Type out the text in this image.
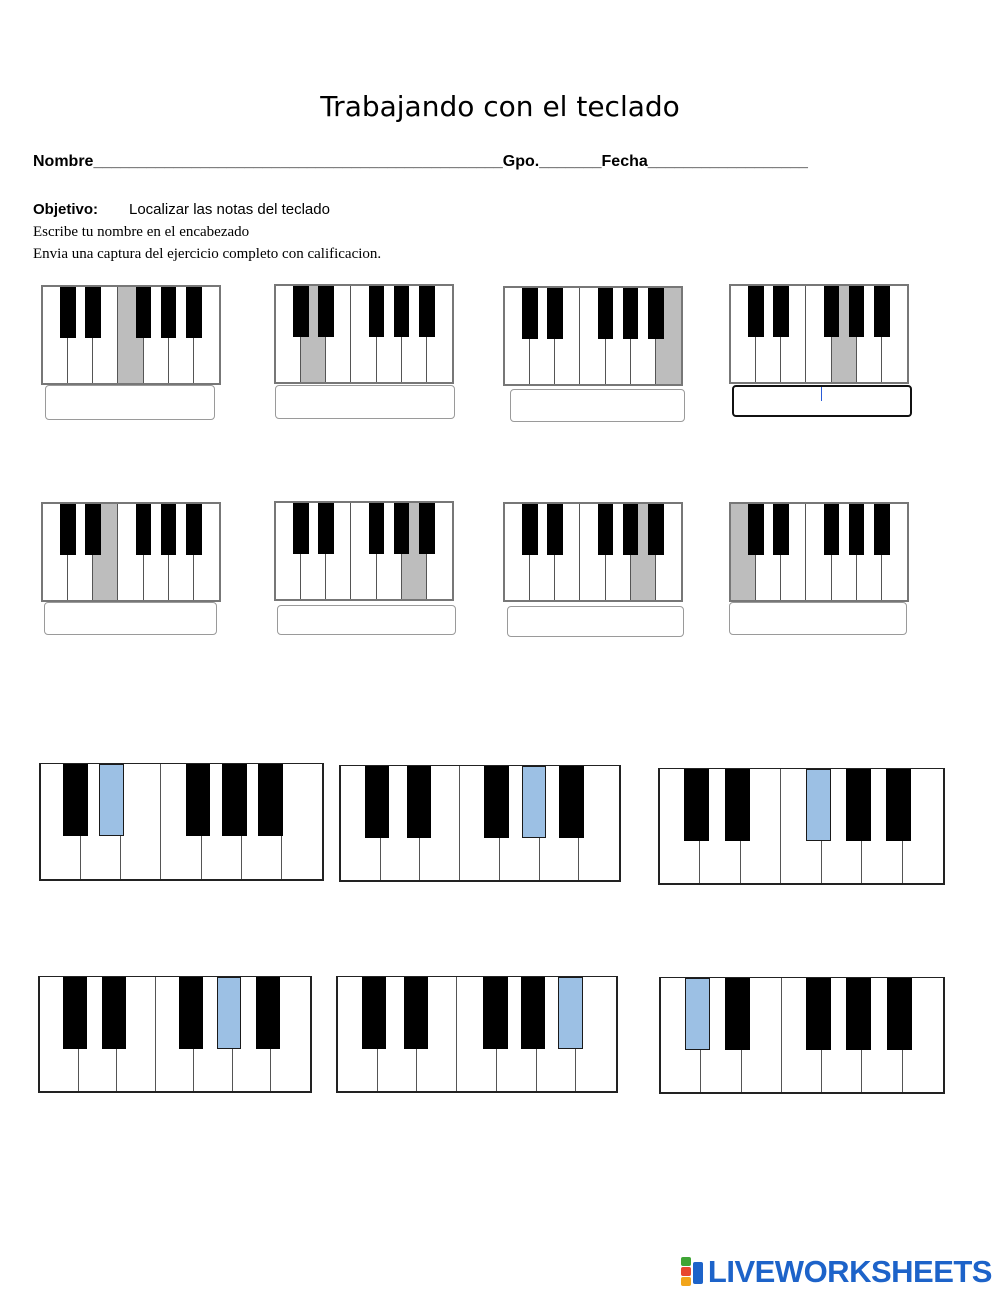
Trabajando con el teclado
Nombre______________________________________________Gpo._______Fecha__________________
Objetivo: Localizar las notas del teclado
Escribe tu nombre en el encabezado
Envia una captura del ejercicio completo con calificacion.
LIVEWORKSHEETS
